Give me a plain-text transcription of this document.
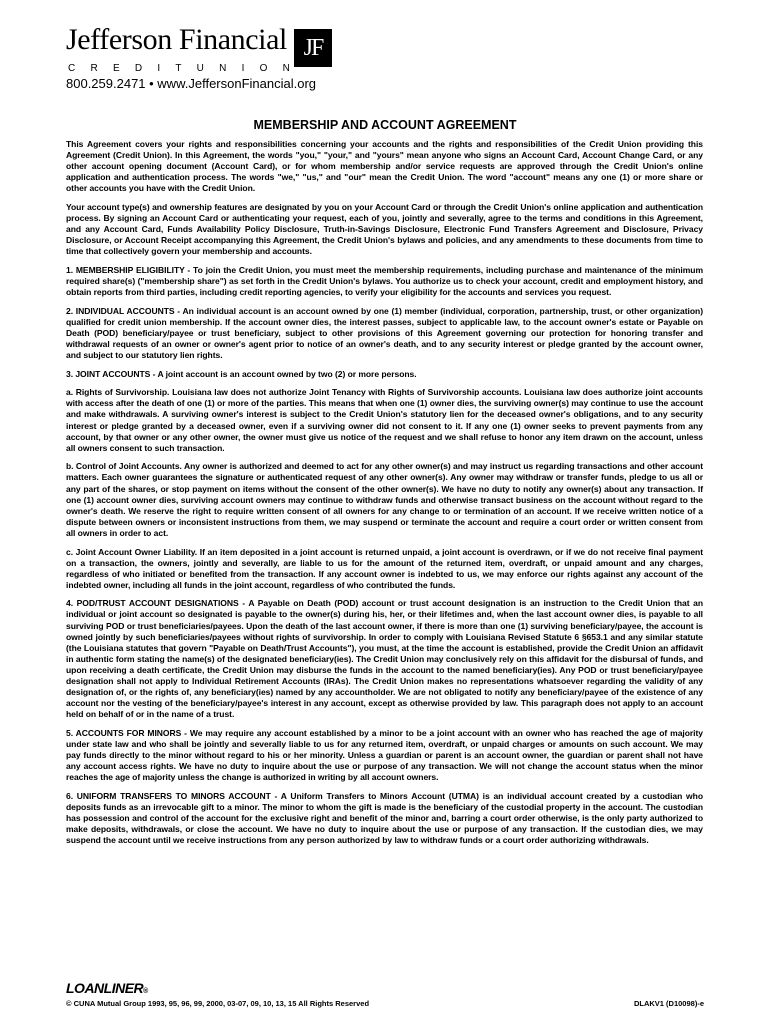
Jefferson Financial JF
C R E D I T U N I O N
800.259.2471 • www.JeffersonFinancial.org
MEMBERSHIP AND ACCOUNT AGREEMENT

This Agreement covers your rights and responsibilities concerning your accounts and the rights and responsibilities of the Credit Union providing this Agreement (Credit Union). In this Agreement, the words "you," "your," and "yours" mean anyone who signs an Account Card, Account Change Card, or any other account opening document (Account Card), or for whom membership and/or service requests are approved through the Credit Union's online application and authentication process. The words "we," "us," and "our" mean the Credit Union. The word "account" means any one (1) or more share or other accounts you have with the Credit Union.

Your account type(s) and ownership features are designated by you on your Account Card or through the Credit Union's online application and authentication process. By signing an Account Card or authenticating your request, each of you, jointly and severally, agree to the terms and conditions in this Agreement, and any Account Card, Funds Availability Policy Disclosure, Truth-in-Savings Disclosure, Electronic Fund Transfers Agreement and Disclosure, Privacy Disclosure, or Account Receipt accompanying this Agreement, the Credit Union's bylaws and policies, and any amendments to these documents from time to time that collectively govern your membership and accounts.

1. MEMBERSHIP ELIGIBILITY - To join the Credit Union, you must meet the membership requirements, including purchase and maintenance of the minimum required share(s) ("membership share") as set forth in the Credit Union's bylaws. You authorize us to check your account, credit and employment history, and obtain reports from third parties, including credit reporting agencies, to verify your eligibility for the accounts and services you request.

2. INDIVIDUAL ACCOUNTS - An individual account is an account owned by one (1) member (individual, corporation, partnership, trust, or other organization) qualified for credit union membership. If the account owner dies, the interest passes, subject to applicable law, to the account owner's estate or Payable on Death (POD) beneficiary/payee or trust beneficiary, subject to other provisions of this Agreement governing our protection for honoring transfer and withdrawal requests of an owner or owner's agent prior to notice of an owner's death, and to any security interest or pledge granted by the account owner, and subject to our statutory lien rights.

3. JOINT ACCOUNTS - A joint account is an account owned by two (2) or more persons.

a. Rights of Survivorship. Louisiana law does not authorize Joint Tenancy with Rights of Survivorship accounts. Louisiana law does authorize joint accounts with access after the death of one (1) or more of the parties. This means that when one (1) owner dies, the surviving owner(s) may continue to use the account and make withdrawals. A surviving owner's interest is subject to the Credit Union's statutory lien for the deceased owner's obligations, and to any security interest or pledge granted by a deceased owner, even if a surviving owner did not consent to it. If any one (1) owner seeks to prevent payments from any account, by that owner or any other owner, the owner must give us notice of the request and we shall refuse to honor any item drawn on the account, unless all owners consent to such transaction.

b. Control of Joint Accounts. Any owner is authorized and deemed to act for any other owner(s) and may instruct us regarding transactions and other account matters. Each owner guarantees the signature or authenticated request of any other owner(s). Any owner may withdraw or transfer funds, pledge to us all or any part of the shares, or stop payment on items without the consent of the other owner(s). We have no duty to notify any owner(s) about any transaction. If one (1) account owner dies, surviving account owners may continue to withdraw funds and otherwise transact business on the account without regard to the owner's death. We reserve the right to require written consent of all owners for any change to or termination of an account. If we receive written notice of a dispute between owners or inconsistent instructions from them, we may suspend or terminate the account and require a court order or written consent from all owners in order to act.

c. Joint Account Owner Liability. If an item deposited in a joint account is returned unpaid, a joint account is overdrawn, or if we do not receive final payment on a transaction, the owners, jointly and severally, are liable to us for the amount of the returned item, overdraft, or unpaid amount and any charges, regardless of who initiated or benefited from the transaction. If any account owner is indebted to us, we may enforce our rights against any account of the indebted owner, including all funds in the joint account, regardless of who contributed the funds.

4. POD/TRUST ACCOUNT DESIGNATIONS - A Payable on Death (POD) account or trust account designation is an instruction to the Credit Union that an individual or joint account so designated is payable to the owner(s) during his, her, or their lifetimes and, when the last account owner dies, is payable to all surviving POD or trust beneficiaries/payees. Upon the death of the last account owner, if there is more than one (1) surviving beneficiary/payee, the account is owned jointly by such beneficiaries/payees without rights of survivorship. In order to comply with Louisiana Revised Statute 6 §653.1 and any similar statute (the Louisiana statutes that govern "Payable on Death/Trust Accounts"), you must, at the time the account is established, provide the Credit Union an affidavit in authentic form stating the name(s) of the designated beneficiary(ies). The Credit Union may conclusively rely on this affidavit for the disbursal of funds, and upon receiving a death certificate, the Credit Union may disburse the funds in the account to the named beneficiary(ies). Any POD or trust beneficiary/payee designation shall not apply to Individual Retirement Accounts (IRAs). The Credit Union makes no representations whatsoever regarding the validity of any designation of, or the rights of, any beneficiary(ies) named by any accountholder. We are not obligated to notify any beneficiary/payee of the existence of any account nor the vesting of the beneficiary/payee's interest in any account, except as otherwise provided by law. This paragraph does not apply to an account held on behalf of or in the name of a trust.

5. ACCOUNTS FOR MINORS - We may require any account established by a minor to be a joint account with an owner who has reached the age of majority under state law and who shall be jointly and severally liable to us for any returned item, overdraft, or unpaid charges or amounts on such account. We may pay funds directly to the minor without regard to his or her minority. Unless a guardian or parent is an account owner, the guardian or parent shall not have any account access rights. We have no duty to inquire about the use or purpose of any transaction. We will not change the account status when the minor reaches the age of majority unless the change is authorized in writing by all account owners.

6. UNIFORM TRANSFERS TO MINORS ACCOUNT - A Uniform Transfers to Minors Account (UTMA) is an individual account created by a custodian who deposits funds as an irrevocable gift to a minor. The minor to whom the gift is made is the beneficiary of the custodial property in the account. The custodian has possession and control of the account for the exclusive right and benefit of the minor and, barring a court order otherwise, is the only party authorized to make deposits, withdrawals, or close the account. We have no duty to inquire about the use or purpose of any transaction. If the custodian dies, we may suspend the account until we receive instructions from any person authorized by law to withdraw funds or a court order authorizing withdrawals.

LOANLINER®
© CUNA Mutual Group 1993, 95, 96, 99, 2000, 03-07, 09, 10, 13, 15 All Rights Reserved	DLAKV1 (D10098)-e
